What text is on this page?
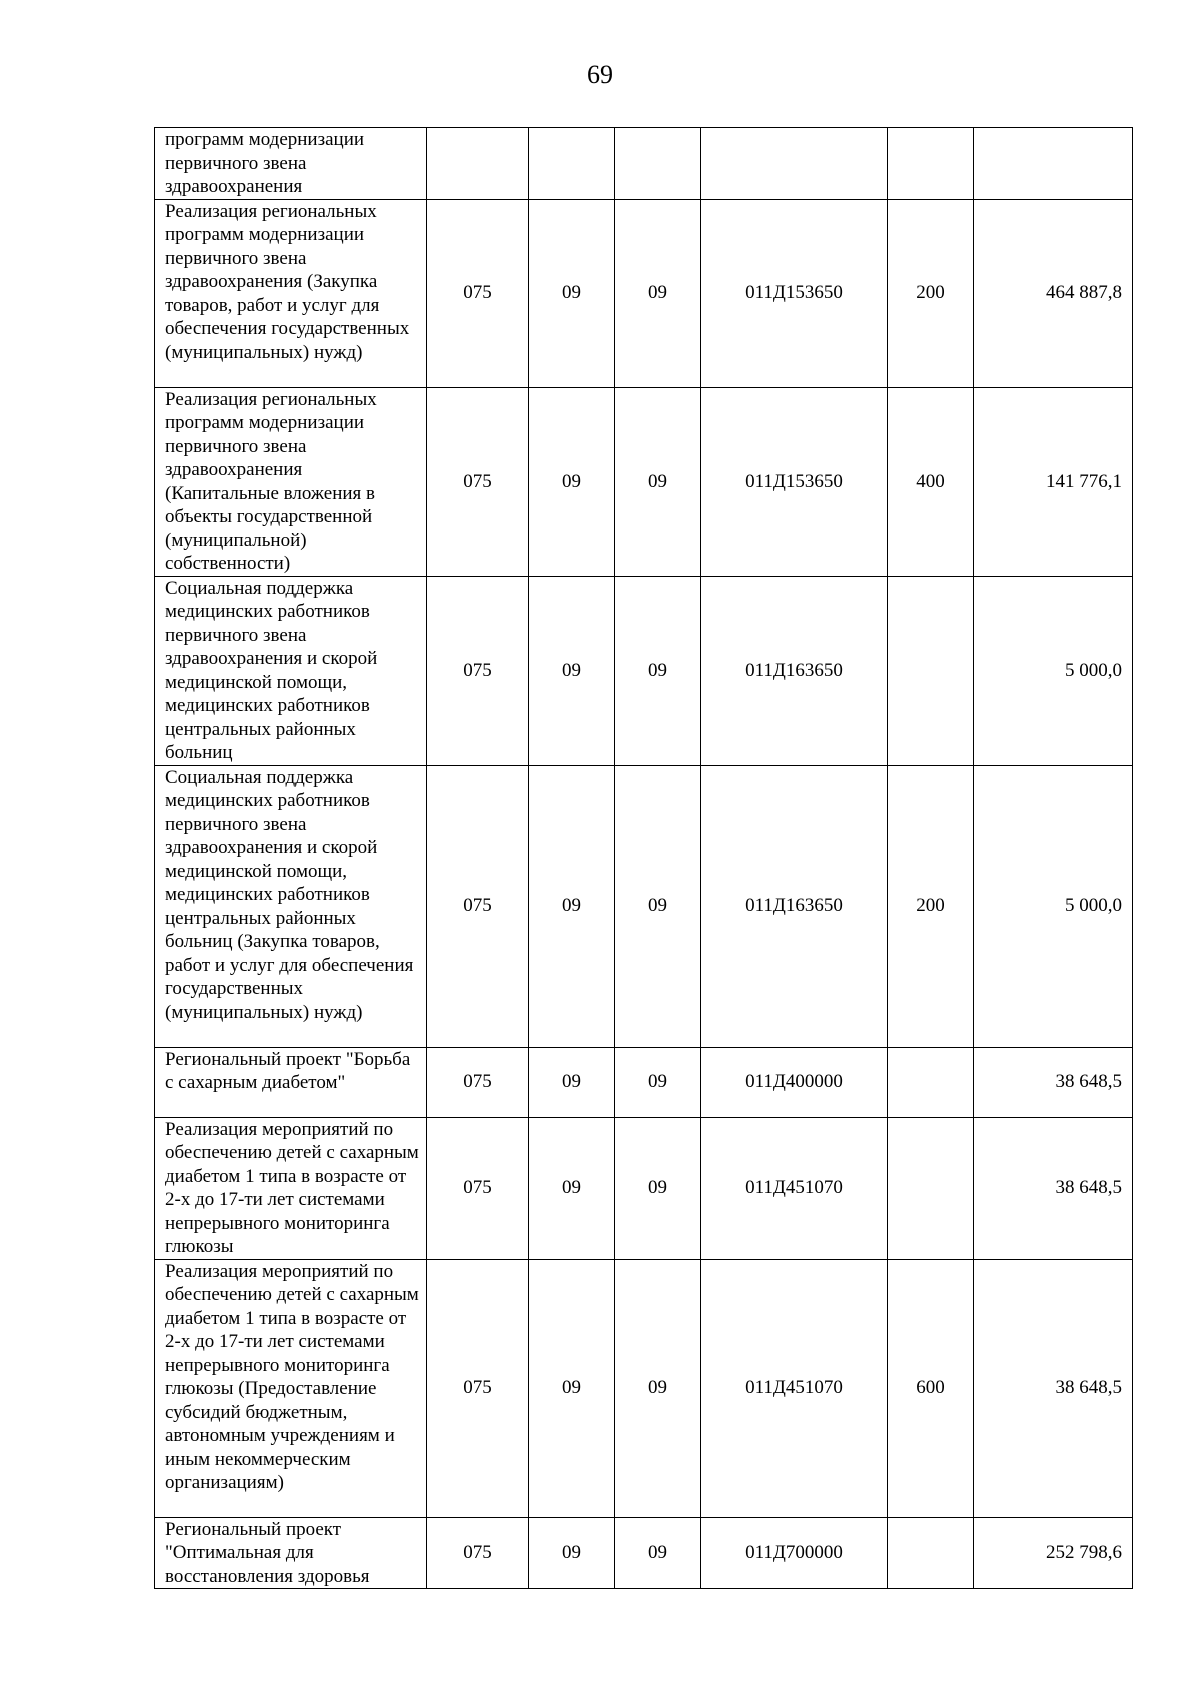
69
программ модернизации первичного звена здравоохранения						
Реализация региональных программ модернизации первичного звена здравоохранения (Закупка товаров, работ и услуг для обеспечения государственных (муниципальных) нужд)	075	09	09	011Д153650	200	464 887,8
Реализация региональных программ модернизации первичного звена здравоохранения (Капитальные вложения в объекты государственной (муниципальной) собственности)	075	09	09	011Д153650	400	141 776,1
Социальная поддержка медицинских работников первичного звена здравоохранения и скорой медицинской помощи, медицинских работников центральных районных больниц	075	09	09	011Д163650		5 000,0
Социальная поддержка медицинских работников первичного звена здравоохранения и скорой медицинской помощи, медицинских работников центральных районных больниц (Закупка товаров, работ и услуг для обеспечения государственных (муниципальных) нужд)	075	09	09	011Д163650	200	5 000,0
Региональный проект "Борьба с сахарным диабетом"	075	09	09	011Д400000		38 648,5
Реализация мероприятий по обеспечению детей с сахарным диабетом 1 типа в возрасте от 2-х до 17-ти лет системами непрерывного мониторинга глюкозы	075	09	09	011Д451070		38 648,5
Реализация мероприятий по обеспечению детей с сахарным диабетом 1 типа в возрасте от 2-х до 17-ти лет системами непрерывного мониторинга глюкозы (Предоставление субсидий бюджетным, автономным учреждениям и иным некоммерческим организациям)	075	09	09	011Д451070	600	38 648,5
Региональный проект "Оптимальная для восстановления здоровья	075	09	09	011Д700000		252 798,6
